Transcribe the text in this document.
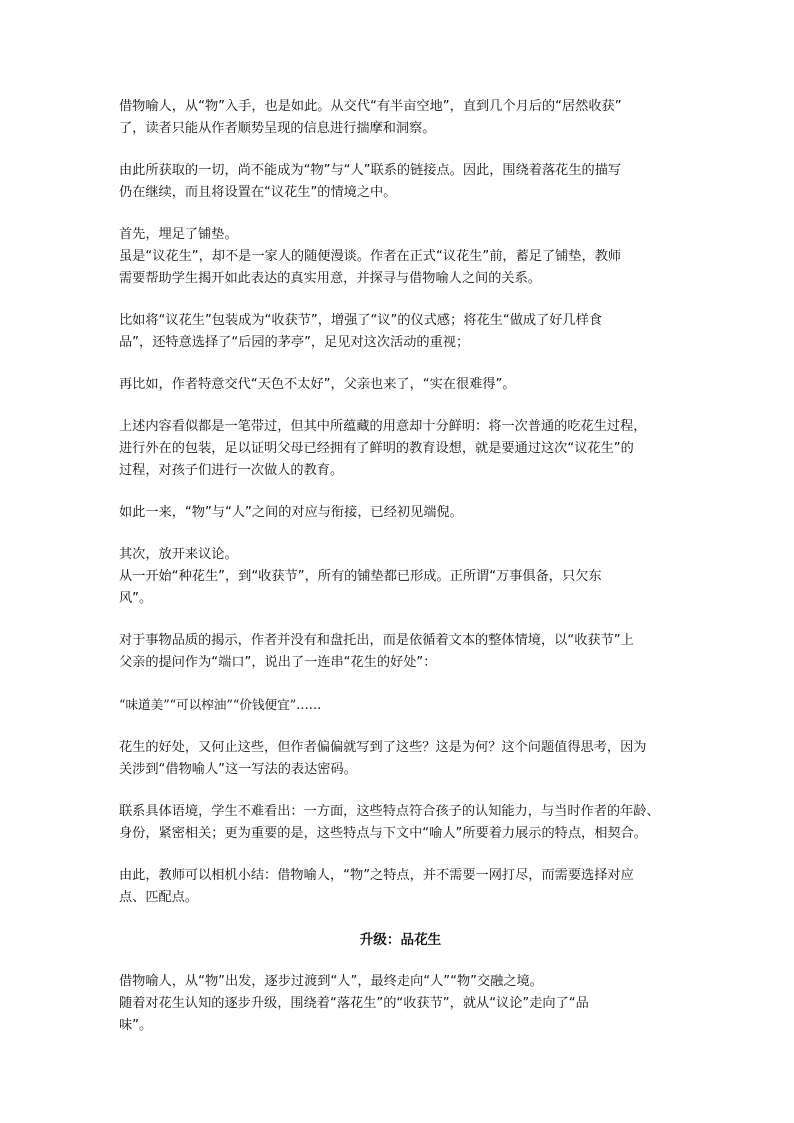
借物喻人，从“物”入手，也是如此。从交代“有半亩空地”，直到几个月后的“居然收获”
了，读者只能从作者顺势呈现的信息进行揣摩和洞察。

由此所获取的一切，尚不能成为“物”与“人”联系的链接点。因此，围绕着落花生的描写
仍在继续，而且将设置在“议花生”的情境之中。

首先，埋足了铺垫。
虽是“议花生”，却不是一家人的随便漫谈。作者在正式“议花生”前，蓄足了铺垫，教师
需要帮助学生揭开如此表达的真实用意，并探寻与借物喻人之间的关系。

比如将“议花生”包装成为“收获节”，增强了“议”的仪式感；将花生“做成了好几样食
品”，还特意选择了“后园的茅亭”，足见对这次活动的重视；

再比如，作者特意交代“天色不太好”，父亲也来了，“实在很难得”。

上述内容看似都是一笔带过，但其中所蕴藏的用意却十分鲜明：将一次普通的吃花生过程，
进行外在的包装，足以证明父母已经拥有了鲜明的教育设想，就是要通过这次“议花生”的
过程，对孩子们进行一次做人的教育。

如此一来，“物”与“人”之间的对应与衔接，已经初见端倪。

其次，放开来议论。
从一开始“种花生”，到“收获节”，所有的铺垫都已形成。正所谓“万事俱备，只欠东
风”。

对于事物品质的揭示，作者并没有和盘托出，而是依循着文本的整体情境，以“收获节”上
父亲的提问作为“端口”，说出了一连串“花生的好处”：

“味道美”“可以榨油”“价钱便宜”……

花生的好处，又何止这些，但作者偏偏就写到了这些？这是为何？这个问题值得思考，因为
关涉到“借物喻人”这一写法的表达密码。

联系具体语境，学生不难看出：一方面，这些特点符合孩子的认知能力，与当时作者的年龄、
身份，紧密相关；更为重要的是，这些特点与下文中“喻人”所要着力展示的特点，相契合。

由此，教师可以相机小结：借物喻人，“物”之特点，并不需要一网打尽，而需要选择对应
点、匹配点。

升级：品花生

借物喻人，从“物”出发，逐步过渡到“人”，最终走向“人”“物”交融之境。
随着对花生认知的逐步升级，围绕着“落花生”的“收获节”，就从“议论”走向了“品
味”。
